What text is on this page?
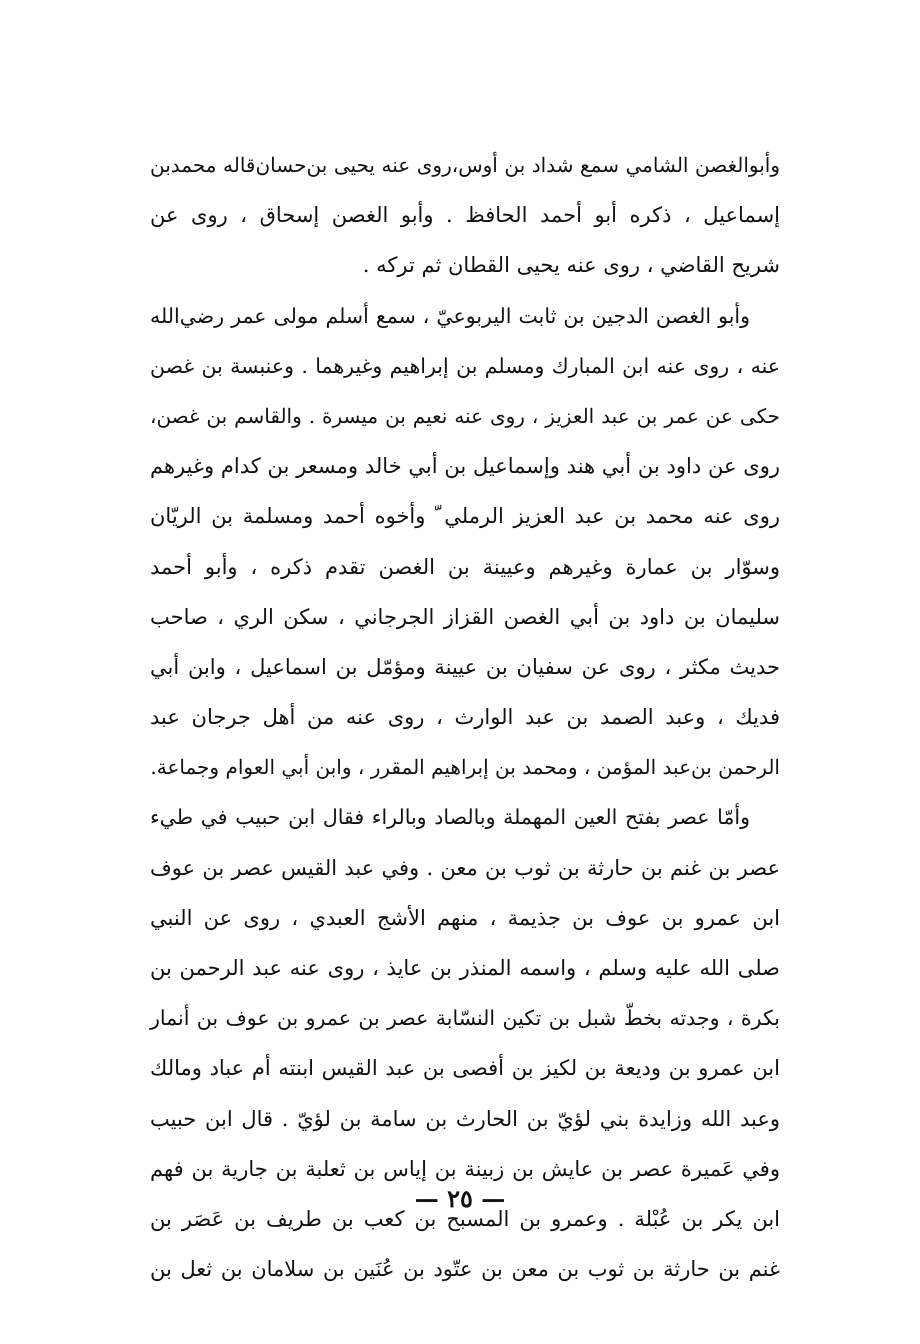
وأبوالغصن الشامي سمع شداد بن أوس،روى عنه يحيى بن‌حسان‌قاله محمدبن
إسماعيل ، ذكره أبو أحمد الحافظ . وأبو الغصن إسحاق ، روى عن
شريح القاضي ، روى عنه يحيى القطان ثم تركه .
وأبو الغصن الدجين بن ثابت اليربوعيّ ، سمع أسلم مولى عمر رضي‌الله
عنه ، روى عنه ابن المبارك ومسلم بن إبراهيم وغيرهما . وعنبسة بن غصن
حكى عن عمر بن عبد العزيز ، روى عنه نعيم بن ميسرة . والقاسم بن غصن،
روى عن داود بن أبي هند وإسماعيل بن أبي خالد ومسعر بن كدام وغيرهم
روى عنه محمد بن عبد العزيز الرملي ّ وأخوه أحمد ومسلمة بن الريّان
وسوّار بن عمارة وغيرهم وعيينة بن الغصن تقدم ذكره ، وأبو أحمد
سليمان بن داود بن أبي الغصن القزاز الجرجاني ، سكن الري ، صاحب
حديث مكثر ، روى عن سفيان بن عيينة ومؤمّل بن اسماعيل ، وابن أبي
فديك ، وعبد الصمد بن عبد الوارث ، روى عنه من أهل جرجان عبد
الرحمن بن‌عبد المؤمن ، ومحمد بن إبراهيم المقرر ، وابن أبي العوام وجماعة.
وأمّا عصر بفتح العين المهملة وبالصاد وبالراء فقال ابن حبيب في طيء
عصر بن غنم بن حارثة بن ثوب بن معن . وفي عبد القيس عصر بن عوف
ابن عمرو بن عوف بن جذيمة ، منهم الأشج العبدي ، روى عن النبي
صلى الله عليه وسلم ، واسمه المنذر بن عايذ ، روى عنه عبد الرحمن بن
بكرة ، وجدته بخطّ شبل بن تكين النسّابة عصر بن عمرو بن عوف بن أنمار
ابن عمرو بن وديعة بن لكيز بن أفصى بن عبد القيس ابنته أم عباد ومالك
وعبد الله وزايدة بني لؤيّ بن الحارث بن سامة بن لؤيّ . قال ابن حبيب
وفي عَميرة عصر بن عايش بن زبينة بن إياس بن ثعلبة بن جارية بن فهم
ابن يكر بن عُبْلة . وعمرو بن المسبح بن كعب بن طريف بن عَصَر بن
غنم بن حارثة بن ثوب بن معن بن عتّود بن عُنَين بن سلامان بن ثعل بن
— ٢٥ —
